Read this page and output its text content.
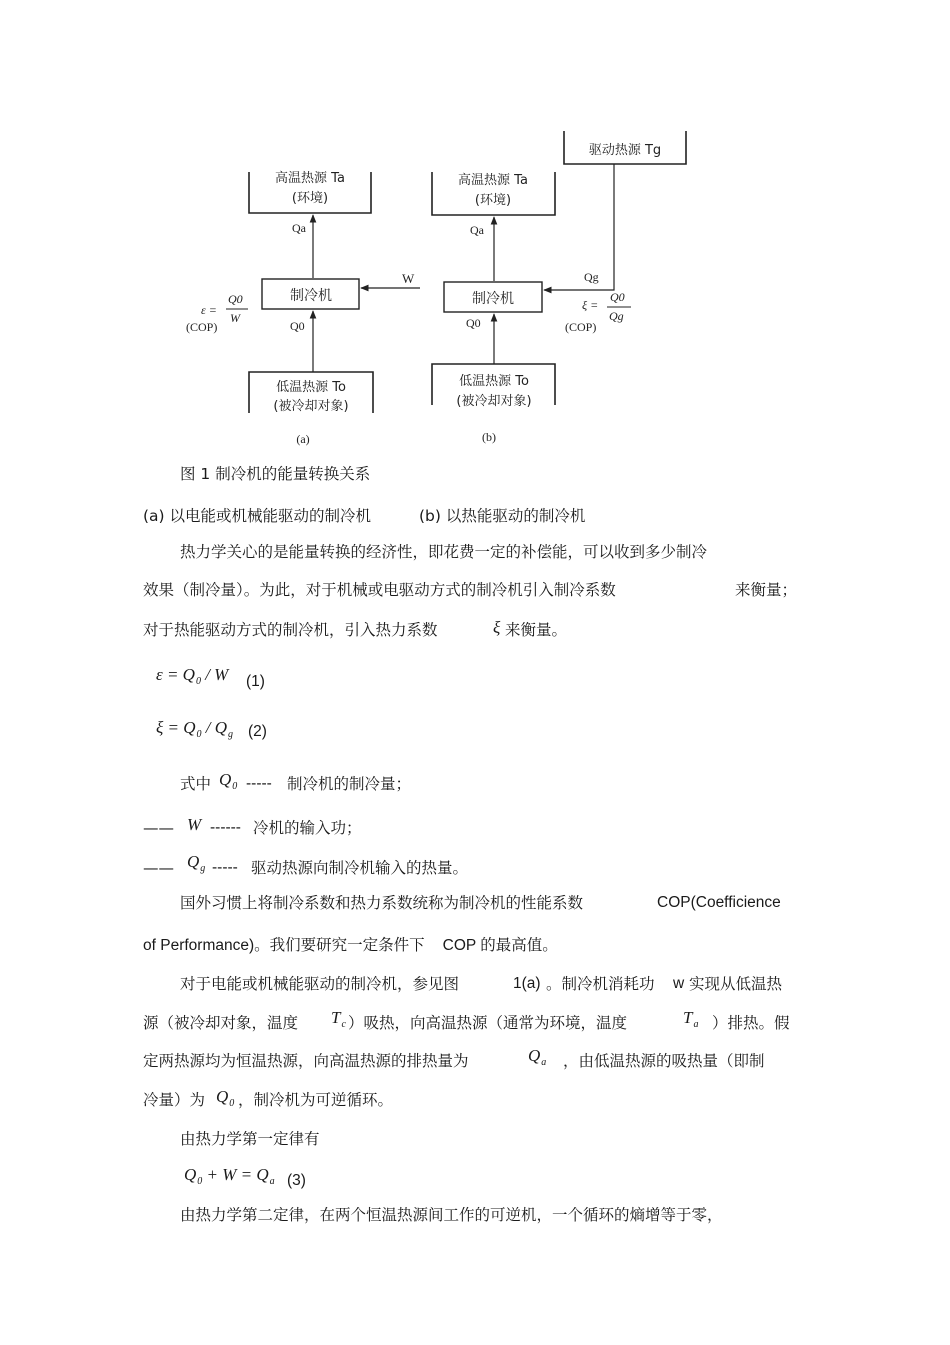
高温热源 Ta
(环境)
Qa
制冷机
W
ε =
Q0
W
(COP)	Q0
低温热源 To
(被冷却对象)
(a)
驱动热源 Tg
高温热源 Ta
(环境)
Qa
制冷机
Qg
ξ =
Q0
Qg
(COP)
Q0
低温热源 To
(被冷却对象)
(b)
图 1 制冷机的能量转换关系
(a) 以电能或机械能驱动的制冷机	(b) 以热能驱动的制冷机
热力学关心的是能量转换的经济性，即花费一定的补偿能，可以收到多少制冷
效果（制冷量）。为此，对于机械或电驱动方式的制冷机引入制冷系数	来衡量；
对于热能驱动方式的制冷机，引入热力系数	ξ 来衡量。
$\varepsilon = Q_0 / W$ (1)
$\xi = Q_0 / Q_g$ (2)
式中 $Q_0$ ----- 制冷机的制冷量；
—— W ------ 冷机的输入功；
—— $Q_g$ ----- 驱动热源向制冷机输入的热量。
国外习惯上将制冷系数和热力系数统称为制冷机的性能系数	COP(Coefficience
of Performance)。我们要研究一定条件下 COP 的最高值。
对于电能或机械能驱动的制冷机，参见图	1(a) 。制冷机消耗功 w 实现从低温热
源（被冷却对象，温度 $T_c$ ）吸热，向高温热源（通常为环境，温度	$T_a$ ）排热。假
定两热源均为恒温热源，向高温热源的排热量为	$Q_a$ ，由低温热源的吸热量（即制
冷量）为 $Q_0$ ，制冷机为可逆循环。
由热力学第一定律有
$Q_0 + W = Q_a$ (3)
由热力学第二定律，在两个恒温热源间工作的可逆机，一个循环的熵增等于零，
